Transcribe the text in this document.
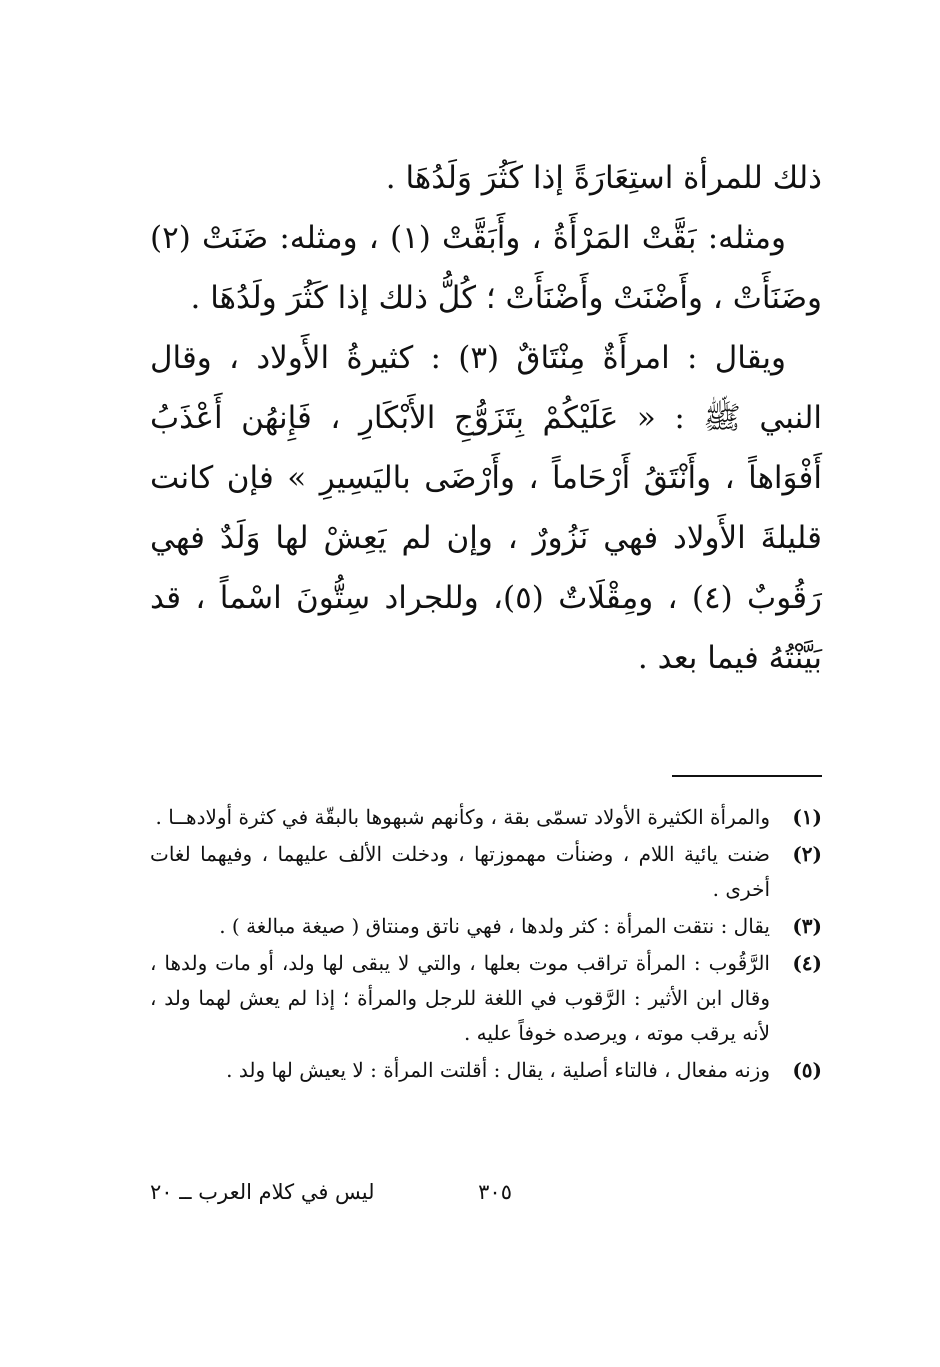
ذلك للمرأة استِعَارَةً إذا كَثُرَ وَلَدُهَا .

ومثله: بَقَّتْ المَرْأَةُ ، وأَبَقَّتْ (١) ، ومثله: ضَنَتْ (٢) وضَنَأَتْ ، وأَضْنَتْ وأَضْنَأَتْ ؛ كُلُّ ذلك إذا كَثُرَ ولَدُهَا .

ويقال : امرأَةٌ مِنْتَاقٌ (٣) : كثيرةُ الأَولاد ، وقال النبي ﷺ : « عَلَيْكُمْ بِتَزَوُّجِ الأَبْكَارِ ، فَإِنهُن أَعْذَبُ أَفْوَاهاً ، وأَنْتَقُ أَرْحَاماً ، وأَرْضَى باليَسِيرِ » فإن كانت قليلةَ الأَولاد فهي نَزُورٌ ، وإن لم يَعِشْ لها وَلَدٌ فهي رَقُوبٌ (٤) ، ومِقْلَاتٌ (٥)، وللجراد سِتُّونَ اسْماً ، قد بَيَّنْتُهُ فيما بعد .

(١)
والمرأة الكثيرة الأولاد تسمّى بقة ، وكأنهم شبهوها بالبقّة في كثرة أولادهــا .
(٢)
ضنت يائية اللام ، وضنأت مهموزتها ، ودخلت الألف عليهما ، وفيهما لغات أخرى .
(٣)
يقال : نتقت المرأة : كثر ولدها ، فهي ناتق ومنتاق ( صيغة مبالغة ) .
(٤)
الرَّقُوب : المرأة تراقب موت بعلها ، والتي لا يبقى لها ولد، أو مات ولدها ، وقال ابن الأثير : الرَّقوب في اللغة للرجل والمرأة ؛ إذا لم يعش لهما ولد ، لأنه يرقب موته ، ويرصده خوفاً عليه .
(٥)
وزنه مفعال ، فالتاء أصلية ، يقال : أقلتت المرأة : لا يعيش لها ولد .
٣٠٥
ليس في كلام العرب ــ ٢٠
